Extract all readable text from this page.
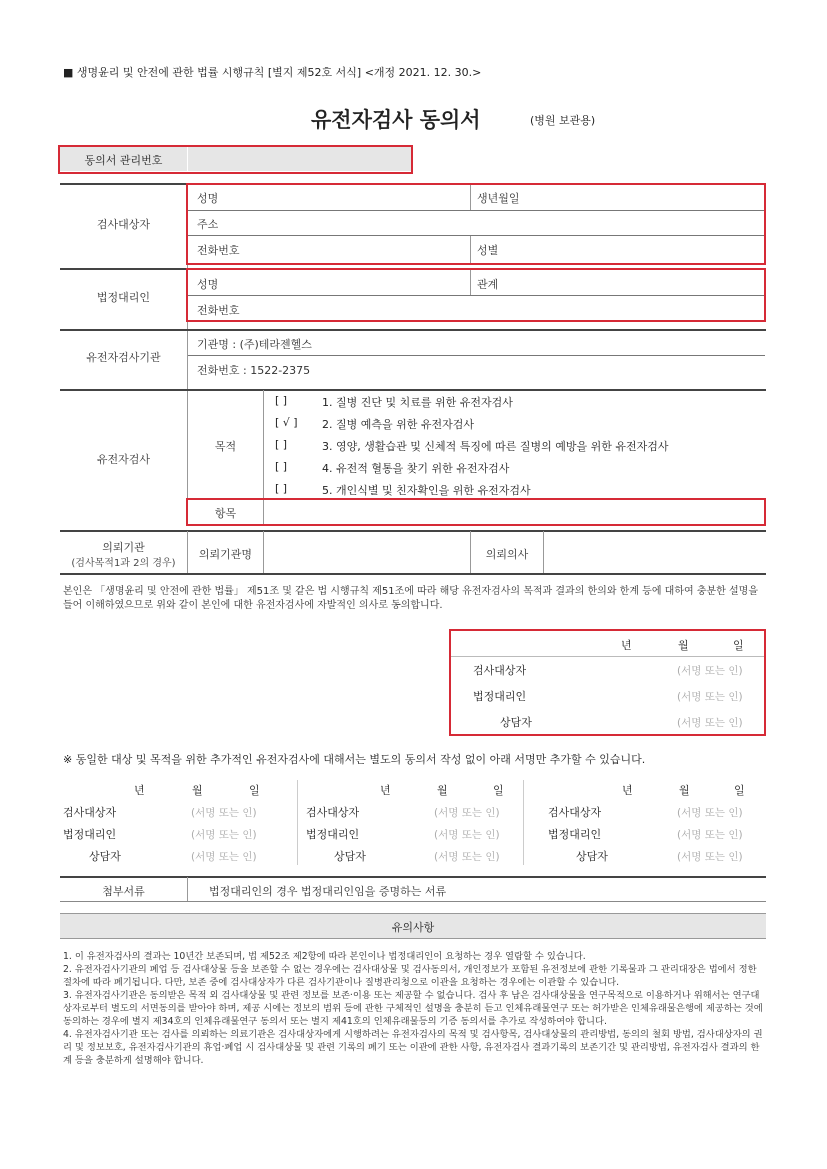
■ 생명윤리 및 안전에 관한 법률 시행규칙 [별지 제52호 서식] <개정 2021. 12. 30.>
유전자검사 동의서	(병원 보관용)
동의서 관리번호
검사대상자
성명	생년월일
주소
전화번호	성별
법정대리인
성명	관계
전화번호
유전자검사기관
기관명 : (주)테라젠헬스
전화번호 : 1522-2375
유전자검사
목적
[ ]	1. 질병 진단 및 치료를 위한 유전자검사
[ √ ] 2. 질병 예측을 위한 유전자검사
[ ]	3. 영양, 생활습관 및 신체적 특징에 따른 질병의 예방을 위한 유전자검사
[ ]	4. 유전적 혈통을 찾기 위한 유전자검사
[ ]	5. 개인식별 및 친자확인을 위한 유전자검사
항목
의뢰기관
(검사목적1과 2의 경우)
의뢰기관명	의뢰의사
본인은 「생명윤리 및 안전에 관한 법률」 제51조 및 같은 법 시행규칙 제51조에 따라 해당 유전자검사의 목적과 결과의 한의와 한계 등에 대하여 충분한 설명을 들어 이해하였으므로 위와 같이 본인에 대한 유전자검사에 자발적인 의사로 동의합니다.
년	월	일
검사대상자	(서명 또는 인)
법정대리인	(서명 또는 인)
상담자	(서명 또는 인)
※ 동일한 대상 및 목적을 위한 추가적인 유전자검사에 대해서는 별도의 동의서 작성 없이 아래 서명만 추가할 수 있습니다.
년	월	일
검사대상자	(서명 또는 인)
법정대리인	(서명 또는 인)
상담자	(서명 또는 인)
년	월	일
검사대상자	(서명 또는 인)
법정대리인	(서명 또는 인)
상담자	(서명 또는 인)
년	월	일
검사대상자	(서명 또는 인)
법정대리인	(서명 또는 인)
상담자	(서명 또는 인)
첨부서류	법정대리인의 경우 법정대리인임을 증명하는 서류
유의사항

1. 이 유전자검사의 결과는 10년간 보존되며, 법 제52조 제2항에 따라 본인이나 법정대리인이 요청하는 경우 열람할 수 있습니다.

2. 유전자검사기관의 폐업 등 검사대상물 등을 보존할 수 없는 경우에는 검사대상물 및 검사동의서, 개인정보가 포함된 유전정보에 관한 기록물과 그 관리대장은 법에서 정한 절차에 따라 폐기됩니다. 다만, 보존 중에 검사대상자가 다른 검사기관이나 질병관리청으로 이관을 요청하는 경우에는 이관할 수 있습니다.

3. 유전자검사기관은 동의받은 목적 외 검사대상물 및 관련 정보를 보존·이용 또는 제공할 수 없습니다. 검사 후 남은 검사대상물을 연구목적으로 이용하거나 위해서는 연구대상자로부터 별도의 서면동의를 받아야 하며, 제공 시에는 정보의 범위 등에 관한 구체적인 설명을 충분히 듣고 인체유래물연구 또는 허가받은 인체유래물은행에 제공하는 것에 동의하는 경우에 별지 제34호의 인체유래물연구 동의서 또는 별지 제41호의 인체유래물등의 기증 동의서를 추가로 작성하여야 합니다.

4. 유전자검사기관 또는 검사를 의뢰하는 의료기관은 검사대상자에게 시행하려는 유전자검사의 목적 및 검사항목, 검사대상물의 관리방법, 동의의 철회 방법, 검사대상자의 권리 및 정보보호, 유전자검사기관의 휴업·폐업 시 검사대상물 및 관련 기록의 폐기 또는 이관에 관한 사항, 유전자검사 결과기록의 보존기간 및 관리방법, 유전자검사 결과의 한계 등을 충분하게 설명해야 합니다.
